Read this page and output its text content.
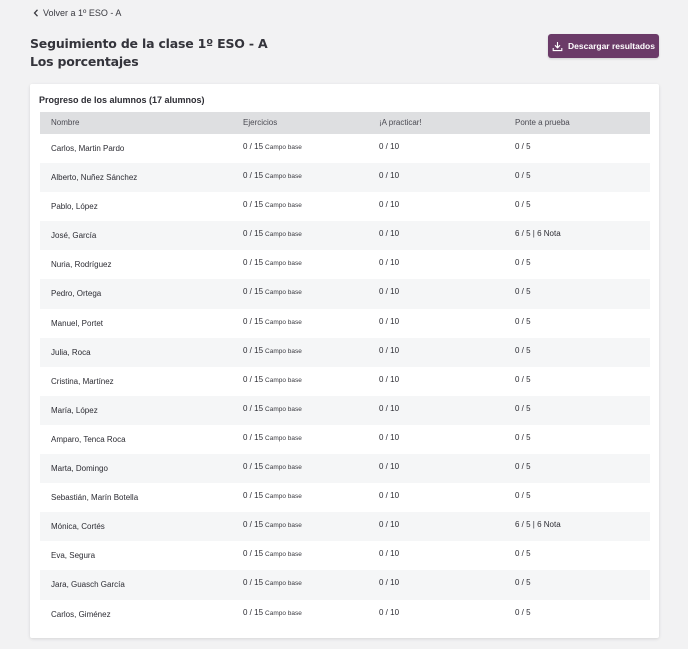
Volver a 1º ESO - A
Seguimiento de la clase 1º ESO - A
Los porcentajes
Descargar resultados
Progreso de los alumnos (17 alumnos)
Nombre	Ejercicios	¡A practicar!	Ponte a prueba
Carlos, Martin Pardo	0 / 15 Campo base	0 / 10	0 / 5
Alberto, Nuñez Sánchez	0 / 15 Campo base	0 / 10	0 / 5
Pablo, López	0 / 15 Campo base	0 / 10	0 / 5
José, García	0 / 15 Campo base	0 / 10	6 / 5 | 6 Nota
Nuria, Rodríguez	0 / 15 Campo base	0 / 10	0 / 5
Pedro, Ortega	0 / 15 Campo base	0 / 10	0 / 5
Manuel, Portet	0 / 15 Campo base	0 / 10	0 / 5
Julia, Roca	0 / 15 Campo base	0 / 10	0 / 5
Cristina, Martínez	0 / 15 Campo base	0 / 10	0 / 5
María, López	0 / 15 Campo base	0 / 10	0 / 5
Amparo, Tenca Roca	0 / 15 Campo base	0 / 10	0 / 5
Marta, Domingo	0 / 15 Campo base	0 / 10	0 / 5
Sebastián, Marín Botella	0 / 15 Campo base	0 / 10	0 / 5
Mónica, Cortés	0 / 15 Campo base	0 / 10	6 / 5 | 6 Nota
Eva, Segura	0 / 15 Campo base	0 / 10	0 / 5
Jara, Guasch García	0 / 15 Campo base	0 / 10	0 / 5
Carlos, Giménez	0 / 15 Campo base	0 / 10	0 / 5
